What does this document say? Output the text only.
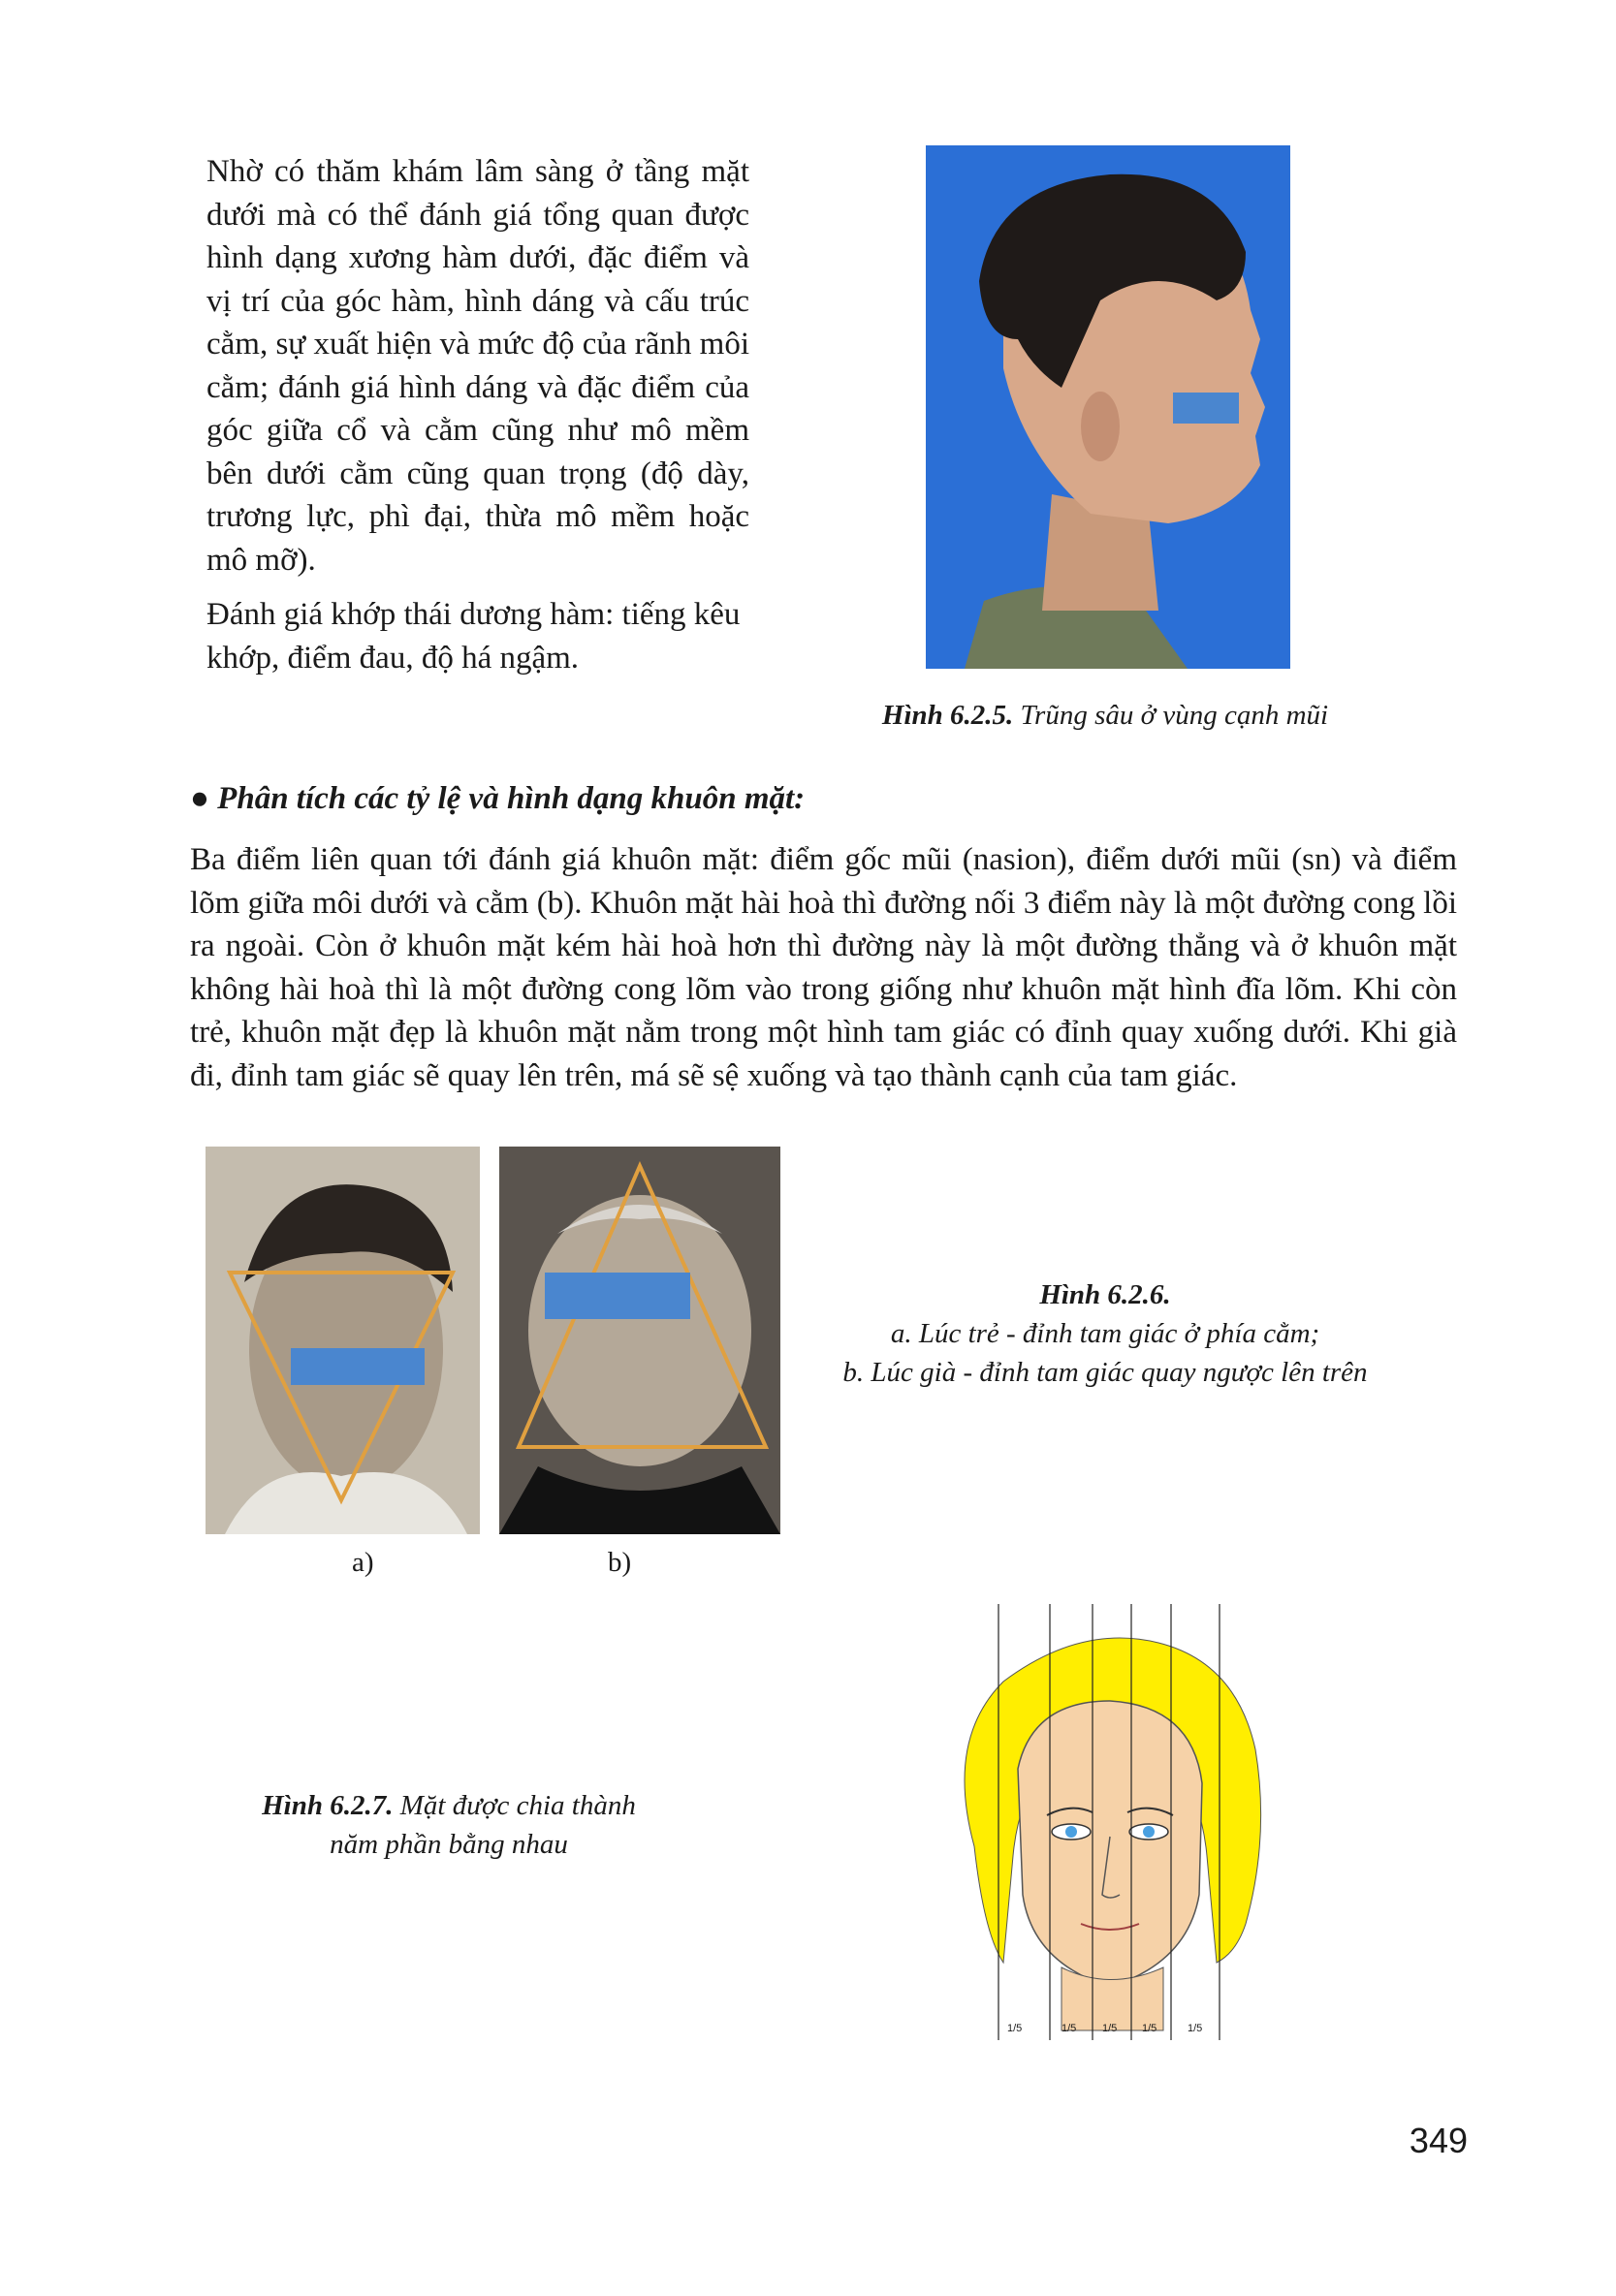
Nhờ có thăm khám lâm sàng ở tầng mặt dưới mà có thể đánh giá tổng quan được hình dạng xương hàm dưới, đặc điểm và vị trí của góc hàm, hình dáng và cấu trúc cằm, sự xuất hiện và mức độ của rãnh môi cằm; đánh giá hình dáng và đặc điểm của góc giữa cổ và cằm cũng như mô mềm bên dưới cằm cũng quan trọng (độ dày, trương lực, phì đại, thừa mô mềm hoặc mô mỡ).

Đánh giá khớp thái dương hàm: tiếng kêu khớp, điểm đau, độ há ngậm.

Hình 6.2.5. Trũng sâu ở vùng cạnh mũi
● Phân tích các tỷ lệ và hình dạng khuôn mặt:

Ba điểm liên quan tới đánh giá khuôn mặt: điểm gốc mũi (nasion), điểm dưới mũi (sn) và điểm lõm giữa môi dưới và cằm (b). Khuôn mặt hài hoà thì đường nối 3 điểm này là một đường cong lồi ra ngoài. Còn ở khuôn mặt kém hài hoà hơn thì đường này là một đường thẳng và ở khuôn mặt không hài hoà thì là một đường cong lõm vào trong giống như khuôn mặt hình đĩa lõm. Khi còn trẻ, khuôn mặt đẹp là khuôn mặt nằm trong một hình tam giác có đỉnh quay xuống dưới. Khi già đi, đỉnh tam giác sẽ quay lên trên, má sẽ sệ xuống và tạo thành cạnh của tam giác.

a)	b)
Hình 6.2.6.
a. Lúc trẻ - đỉnh tam giác ở phía cằm;
b. Lúc già - đỉnh tam giác quay ngược lên trên
Hình 6.2.7. Mặt được chia thành
năm phần bằng nhau
1/5	1/5 1/5 1/5	1/5
349
